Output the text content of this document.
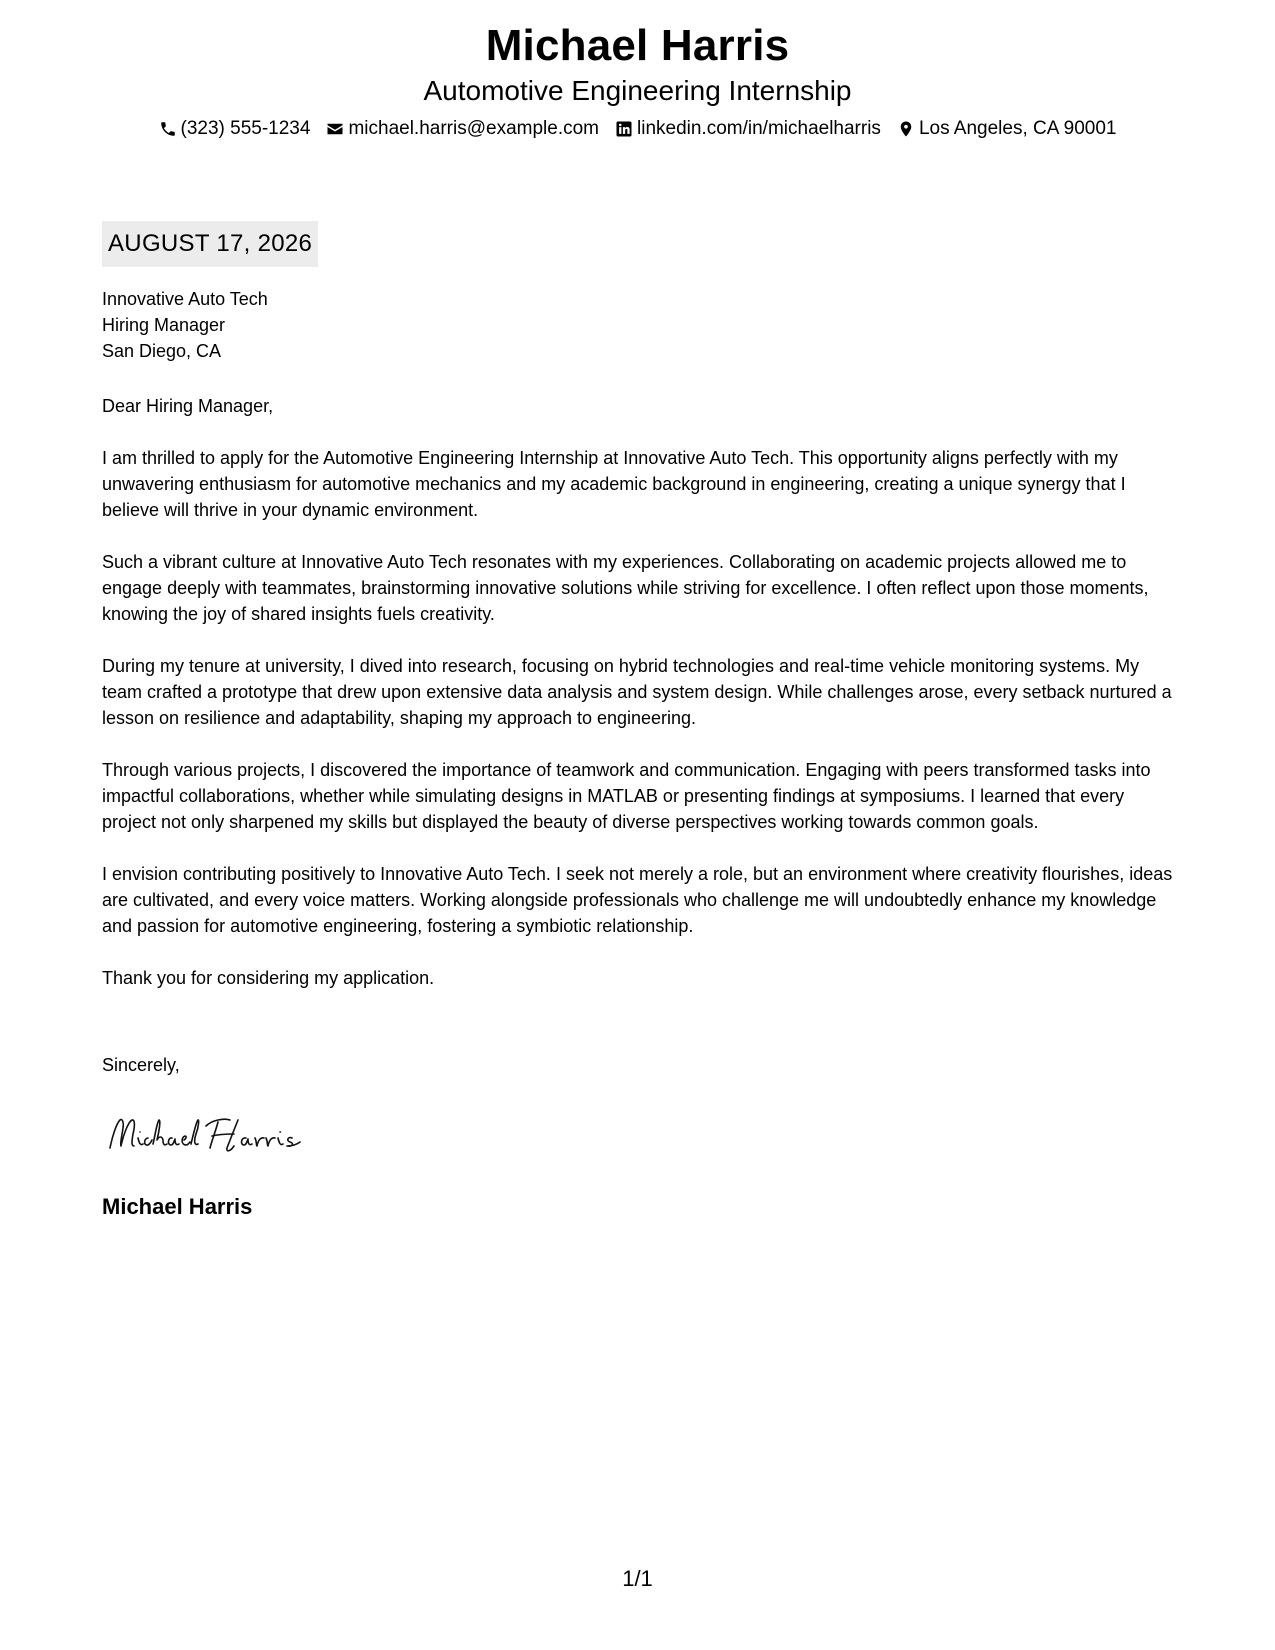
Michael Harris
Automotive Engineering Internship
(323) 555-1234 michael.harris@example.com linkedin.com/in/michaelharris Los Angeles, CA 90001
AUGUST 17, 2026
Innovative Auto Tech
Hiring Manager
San Diego, CA
Dear Hiring Manager,

I am thrilled to apply for the Automotive Engineering Internship at Innovative Auto Tech. This opportunity aligns perfectly with my unwavering enthusiasm for automotive mechanics and my academic background in engineering, creating a unique synergy that I believe will thrive in your dynamic environment.

Such a vibrant culture at Innovative Auto Tech resonates with my experiences. Collaborating on academic projects allowed me to engage deeply with teammates, brainstorming innovative solutions while striving for excellence. I often reflect upon those moments, knowing the joy of shared insights fuels creativity.

During my tenure at university, I dived into research, focusing on hybrid technologies and real-time vehicle monitoring systems. My team crafted a prototype that drew upon extensive data analysis and system design. While challenges arose, every setback nurtured a lesson on resilience and adaptability, shaping my approach to engineering.

Through various projects, I discovered the importance of teamwork and communication. Engaging with peers transformed tasks into impactful collaborations, whether while simulating designs in MATLAB or presenting findings at symposiums. I learned that every project not only sharpened my skills but displayed the beauty of diverse perspectives working towards common goals.

I envision contributing positively to Innovative Auto Tech. I seek not merely a role, but an environment where creativity flourishes, ideas are cultivated, and every voice matters. Working alongside professionals who challenge me will undoubtedly enhance my knowledge and passion for automotive engineering, fostering a symbiotic relationship.

Thank you for considering my application.

Sincerely,
Michael Harris
1/1
